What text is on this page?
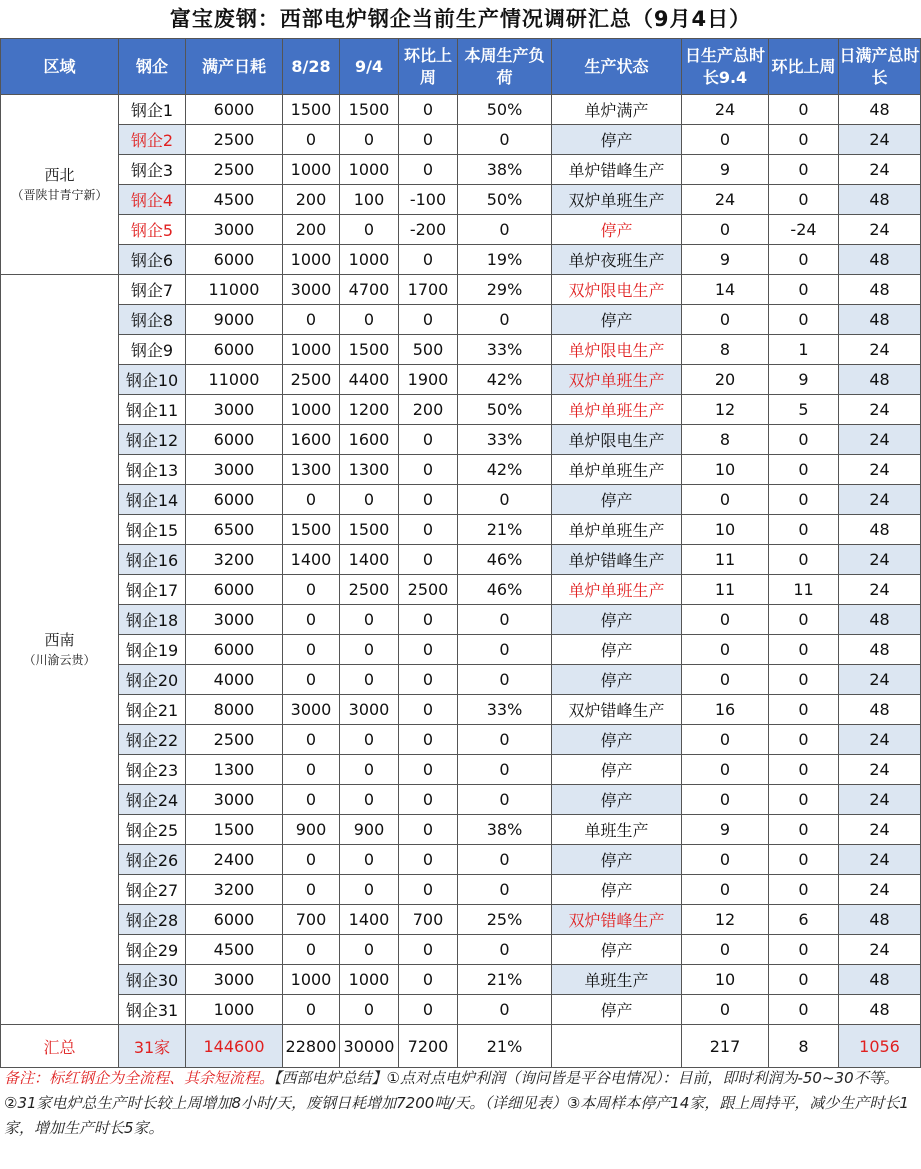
富宝废钢：西部电炉钢企当前生产情况调研汇总（9月4日）
区域	钢企	满产日耗	8/28	9/4	环比上周	本周生产负荷	生产状态	日生产总时长9.4	环比上周	日满产总时长

西北
（晋陕甘青宁新）	钢企1	6000	1500	1500	0	50%	单炉满产	24	0	48
	钢企2	2500	0	0	0	0	停产	0	0	24
	钢企3	2500	1000	1000	0	38%	单炉错峰生产	9	0	24
	钢企4	4500	200	100	-100	50%	双炉单班生产	24	0	48
	钢企5	3000	200	0	-200	0	停产	0	-24	24
	钢企6	6000	1000	1000	0	19%	单炉夜班生产	9	0	48

西南
（川渝云贵）	钢企7	11000	3000	4700	1700	29%	双炉限电生产	14	0	48
	钢企8	9000	0	0	0	0	停产	0	0	48
	钢企9	6000	1000	1500	500	33%	单炉限电生产	8	1	24
	钢企10	11000	2500	4400	1900	42%	双炉单班生产	20	9	48
	钢企11	3000	1000	1200	200	50%	单炉单班生产	12	5	24
	钢企12	6000	1600	1600	0	33%	单炉限电生产	8	0	24
	钢企13	3000	1300	1300	0	42%	单炉单班生产	10	0	24
	钢企14	6000	0	0	0	0	停产	0	0	24
	钢企15	6500	1500	1500	0	21%	单炉单班生产	10	0	48
	钢企16	3200	1400	1400	0	46%	单炉错峰生产	11	0	24
	钢企17	6000	0	2500	2500	46%	单炉单班生产	11	11	24
	钢企18	3000	0	0	0	0	停产	0	0	48
	钢企19	6000	0	0	0	0	停产	0	0	48
	钢企20	4000	0	0	0	0	停产	0	0	24
	钢企21	8000	3000	3000	0	33%	双炉错峰生产	16	0	48
	钢企22	2500	0	0	0	0	停产	0	0	24
	钢企23	1300	0	0	0	0	停产	0	0	24
	钢企24	3000	0	0	0	0	停产	0	0	24
	钢企25	1500	900	900	0	38%	单班生产	9	0	24
	钢企26	2400	0	0	0	0	停产	0	0	24
	钢企27	3200	0	0	0	0	停产	0	0	24
	钢企28	6000	700	1400	700	25%	双炉错峰生产	12	6	48
	钢企29	4500	0	0	0	0	停产	0	0	24
	钢企30	3000	1000	1000	0	21%	单班生产	10	0	48
	钢企31	1000	0	0	0	0	停产	0	0	48
汇总	31家	144600	22800	30000	7200	21%		217	8	1056
备注：标红钢企为全流程、其余短流程。【西部电炉总结】①点对点电炉利润（询问皆是平谷电情况）：目前，即时利润为-50~30不等。②31家电炉总生产时长较上周增加8小时/天，废钢日耗增加7200吨/天。（详细见表）③本周样本停产14家，跟上周持平，减少生产时长1家，增加生产时长5家。
